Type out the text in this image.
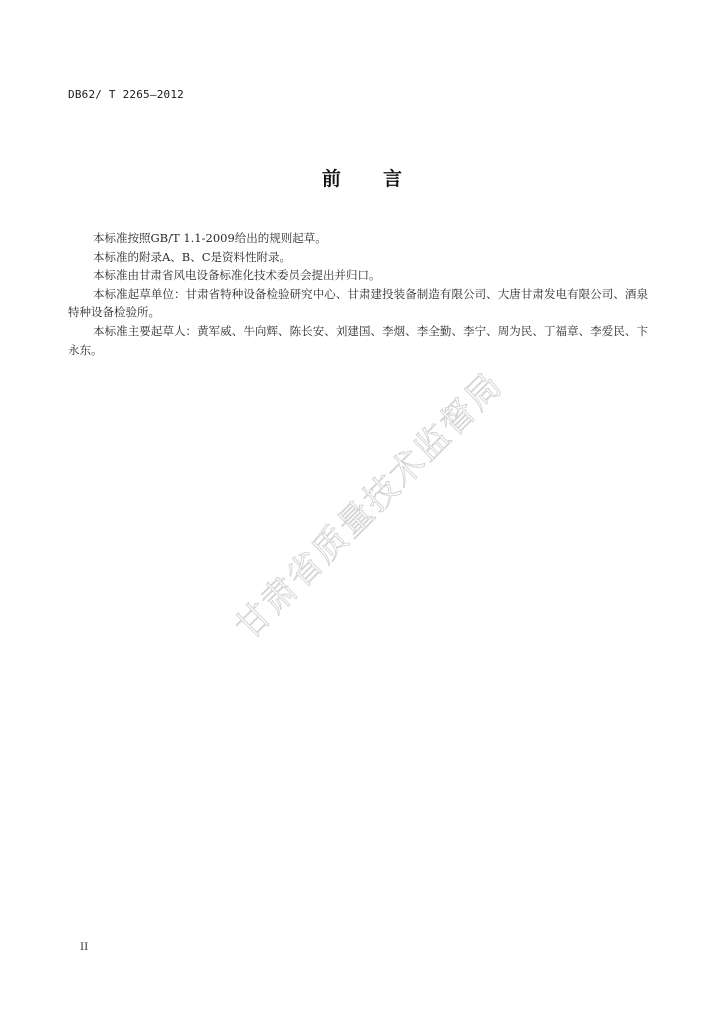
DB62/ T 2265—2012
前 言

本标准按照GB/T 1.1-2009给出的规则起草。

本标准的附录A、B、C是资料性附录。

本标准由甘肃省风电设备标准化技术委员会提出并归口。

本标准起草单位：甘肃省特种设备检验研究中心、甘肃建投装备制造有限公司、大唐甘肃发电有限公司、酒泉特种设备检验所。

本标准主要起草人：黄军威、牛向辉、陈长安、刘建国、李烟、李全勤、李宁、周为民、丁福章、李爱民、卞永东。

甘肃省质量技术监督局
II
